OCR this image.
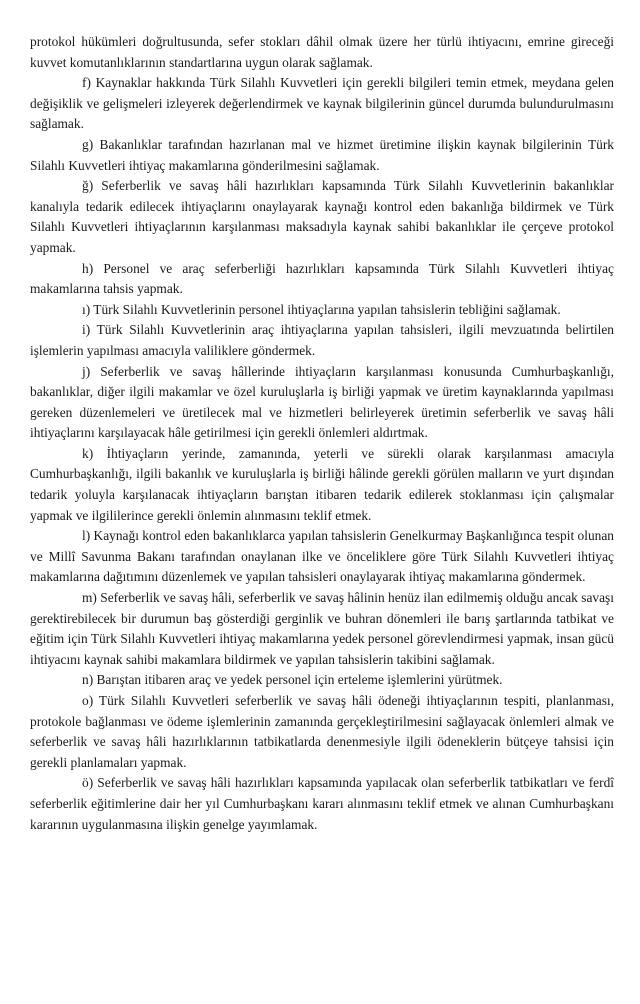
protokol hükümleri doğrultusunda, sefer stokları dâhil olmak üzere her türlü ihtiyacını, emrine gireceği kuvvet komutanlıklarının standartlarına uygun olarak sağlamak.

f) Kaynaklar hakkında Türk Silahlı Kuvvetleri için gerekli bilgileri temin etmek, meydana gelen değişiklik ve gelişmeleri izleyerek değerlendirmek ve kaynak bilgilerinin güncel durumda bulundurulmasını sağlamak.

g) Bakanlıklar tarafından hazırlanan mal ve hizmet üretimine ilişkin kaynak bilgilerinin Türk Silahlı Kuvvetleri ihtiyaç makamlarına gönderilmesini sağlamak.

ğ) Seferberlik ve savaş hâli hazırlıkları kapsamında Türk Silahlı Kuvvetlerinin bakanlıklar kanalıyla tedarik edilecek ihtiyaçlarını onaylayarak kaynağı kontrol eden bakanlığa bildirmek ve Türk Silahlı Kuvvetleri ihtiyaçlarının karşılanması maksadıyla kaynak sahibi bakanlıklar ile çerçeve protokol yapmak.

h) Personel ve araç seferberliği hazırlıkları kapsamında Türk Silahlı Kuvvetleri ihtiyaç makamlarına tahsis yapmak.

ı) Türk Silahlı Kuvvetlerinin personel ihtiyaçlarına yapılan tahsislerin tebliğini sağlamak.

i) Türk Silahlı Kuvvetlerinin araç ihtiyaçlarına yapılan tahsisleri, ilgili mevzuatında belirtilen işlemlerin yapılması amacıyla valiliklere göndermek.

j) Seferberlik ve savaş hâllerinde ihtiyaçların karşılanması konusunda Cumhurbaşkanlığı, bakanlıklar, diğer ilgili makamlar ve özel kuruluşlarla iş birliği yapmak ve üretim kaynaklarında yapılması gereken düzenlemeleri ve üretilecek mal ve hizmetleri belirleyerek üretimin seferberlik ve savaş hâli ihtiyaçlarını karşılayacak hâle getirilmesi için gerekli önlemleri aldırtmak.

k) İhtiyaçların yerinde, zamanında, yeterli ve sürekli olarak karşılanması amacıyla Cumhurbaşkanlığı, ilgili bakanlık ve kuruluşlarla iş birliği hâlinde gerekli görülen malların ve yurt dışından tedarik yoluyla karşılanacak ihtiyaçların barıştan itibaren tedarik edilerek stoklanması için çalışmalar yapmak ve ilgililerince gerekli önlemin alınmasını teklif etmek.

l) Kaynağı kontrol eden bakanlıklarca yapılan tahsislerin Genelkurmay Başkanlığınca tespit olunan ve Millî Savunma Bakanı tarafından onaylanan ilke ve önceliklere göre Türk Silahlı Kuvvetleri ihtiyaç makamlarına dağıtımını düzenlemek ve yapılan tahsisleri onaylayarak ihtiyaç makamlarına göndermek.

m) Seferberlik ve savaş hâli, seferberlik ve savaş hâlinin henüz ilan edilmemiş olduğu ancak savaşı gerektirebilecek bir durumun baş gösterdiği gerginlik ve buhran dönemleri ile barış şartlarında tatbikat ve eğitim için Türk Silahlı Kuvvetleri ihtiyaç makamlarına yedek personel görevlendirmesi yapmak, insan gücü ihtiyacını kaynak sahibi makamlara bildirmek ve yapılan tahsislerin takibini sağlamak.

n) Barıştan itibaren araç ve yedek personel için erteleme işlemlerini yürütmek.

o) Türk Silahlı Kuvvetleri seferberlik ve savaş hâli ödeneği ihtiyaçlarının tespiti, planlanması, protokole bağlanması ve ödeme işlemlerinin zamanında gerçekleştirilmesini sağlayacak önlemleri almak ve seferberlik ve savaş hâli hazırlıklarının tatbikatlarda denenmesiyle ilgili ödeneklerin bütçeye tahsisi için gerekli planlamaları yapmak.

ö) Seferberlik ve savaş hâli hazırlıkları kapsamında yapılacak olan seferberlik tatbikatları ve ferdî seferberlik eğitimlerine dair her yıl Cumhurbaşkanı kararı alınmasını teklif etmek ve alınan Cumhurbaşkanı kararının uygulanmasına ilişkin genelge yayımlamak.
